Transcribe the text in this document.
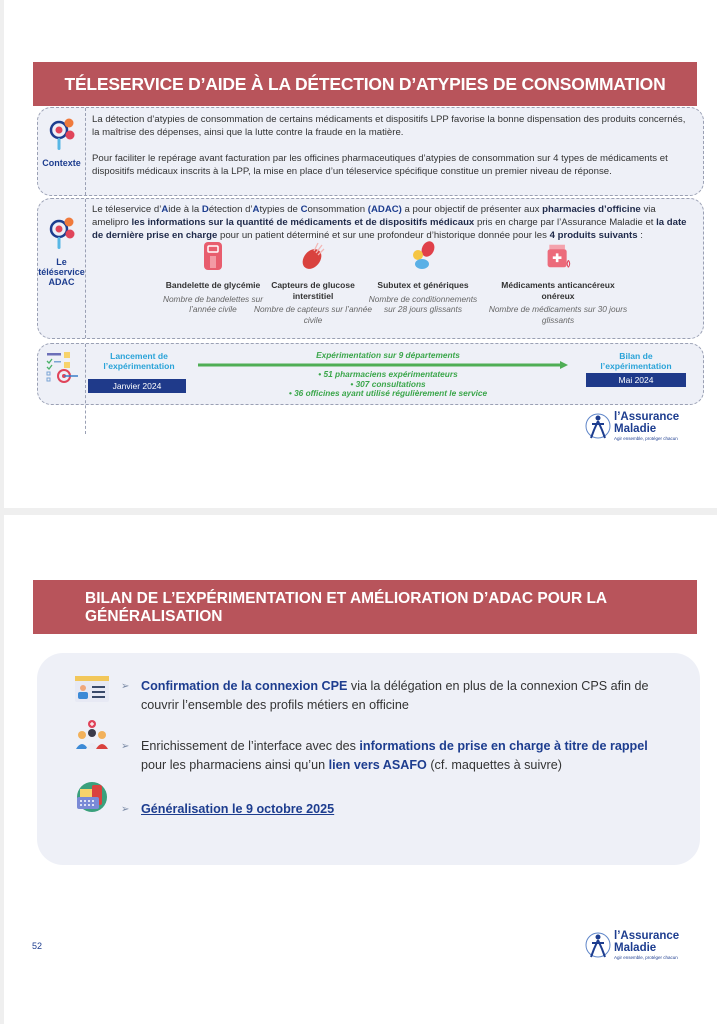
TÉLESERVICE D’AIDE À LA DÉTECTION D’ATYPIES DE CONSOMMATION
Contexte
La détection d’atypies de consommation de certains médicaments et dispositifs LPP favorise la bonne dispensation des produits concernés, la maîtrise des dépenses, ainsi que la lutte contre la fraude en la matière.
Pour faciliter le repérage avant facturation par les officines pharmaceutiques d’atypies de consommation sur 4 types de médicaments et dispositifs médicaux inscrits à la LPP, la mise en place d’un téleservice spécifique constitue un premier niveau de réponse.
Le
téléservice
ADAC
Le téleservice d’Aide à la Détection d’Atypies de Consommation (ADAC) a pour objectif de présenter aux pharmacies d’officine via amelipro les informations sur la quantité de médicaments et de dispositifs médicaux pris en charge par l’Assurance Maladie et la date de dernière prise en charge pour un patient déterminé et sur une profondeur d’historique donnée pour les 4 produits suivants :
Bandelette de glycémie
Nombre de bandelettes sur l’année civile
Capteurs de glucose interstitiel
Nombre de capteurs sur l’année civile
Subutex et génériques
Nombre de conditionnements sur 28 jours glissants
Médicaments anticancéreux onéreux
Nombre de médicaments sur 30 jours glissants
Lancement de l’expérimentation
Janvier 2024
Expérimentation sur 9 départements
• 51 pharmaciens expérimentateurs
• 307 consultations
• 36 officines ayant utilisé régulièrement le service
Bilan de l’expérimentation
Mai 2024
l’Assurance
Maladie
Agir ensemble, protéger chacun
BILAN DE L’EXPÉRIMENTATION ET AMÉLIORATION D’ADAC POUR LA GÉNÉRALISATION
➢ Confirmation de la connexion CPE via la délégation en plus de la connexion CPS afin de couvrir l’ensemble des profils métiers en officine
➢ Enrichissement de l’interface avec des informations de prise en charge à titre de rappel pour les pharmaciens ainsi qu’un lien vers ASAFO (cf. maquettes à suivre)
➢ Généralisation le 9 octobre 2025
52
l’Assurance
Maladie
Agir ensemble, protéger chacun
